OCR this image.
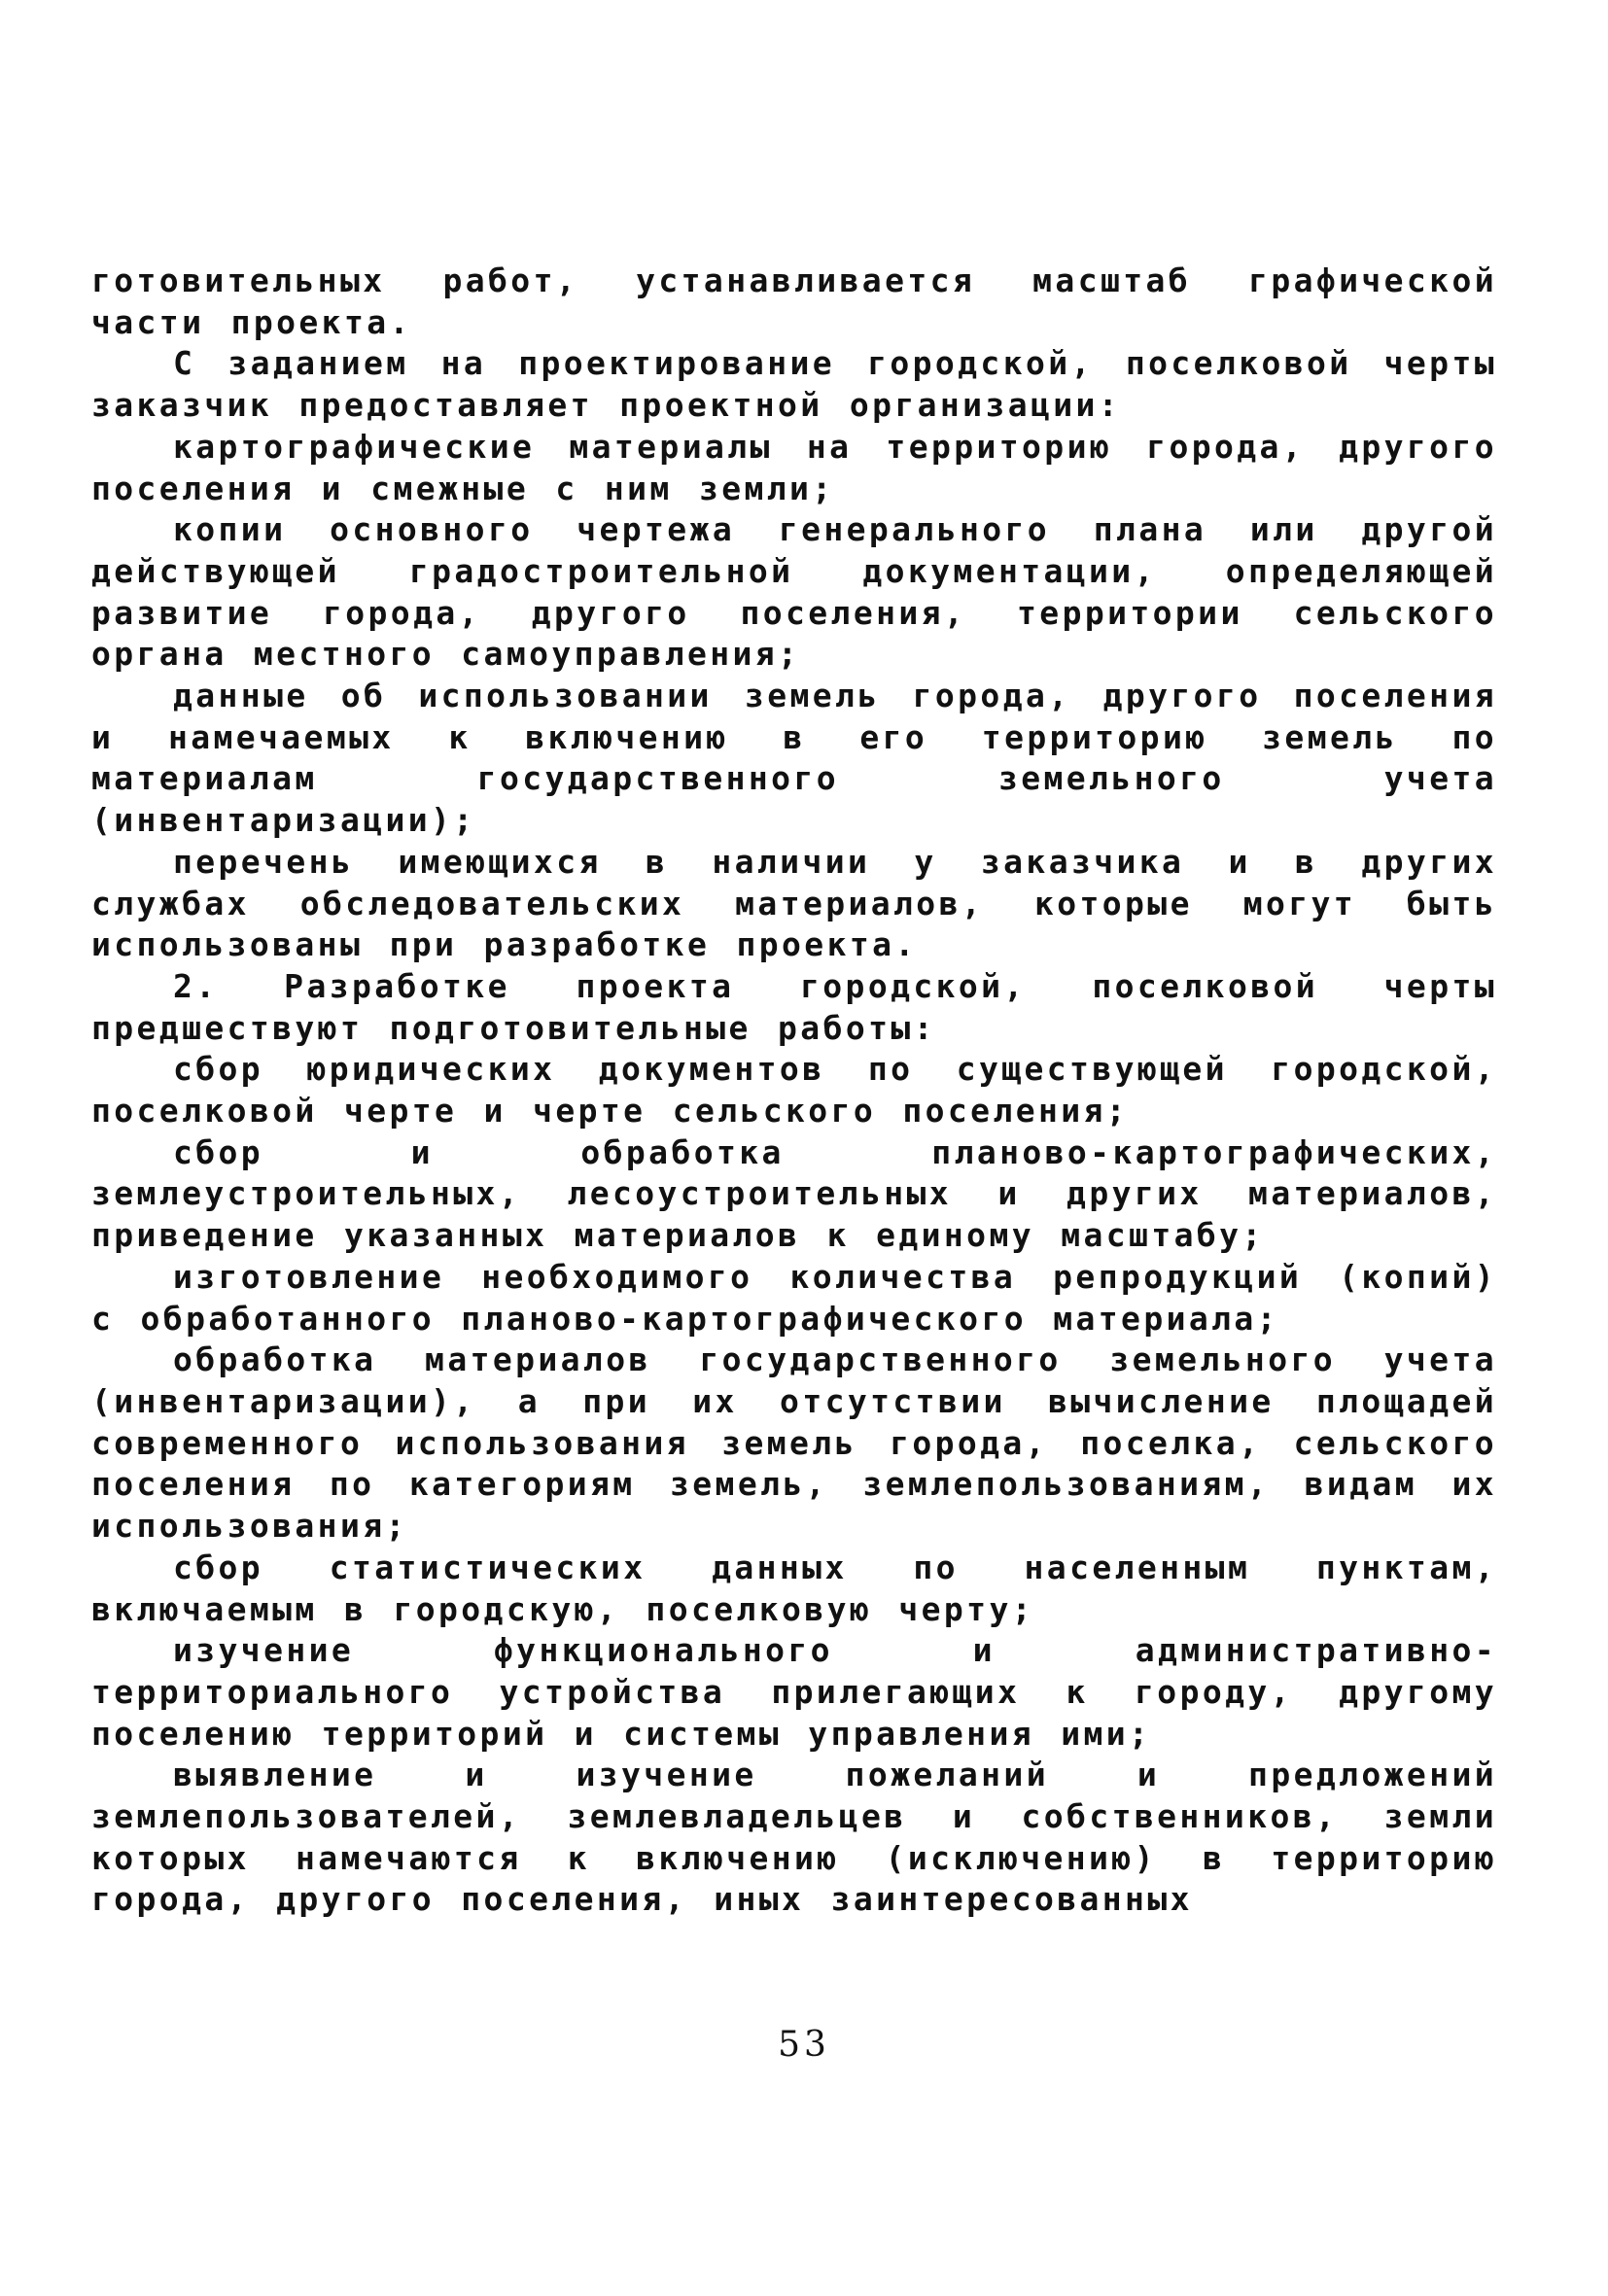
готовительных работ, устанавливается масштаб графической части проекта.

С заданием на проектирование городской, поселковой черты заказчик предоставляет проектной организации:

картографические материалы на территорию города, другого поселения и смежные с ним земли;

копии основного чертежа генерального плана или другой действующей градостроительной документации, определяющей развитие города, другого поселения, территории сельского органа местного самоуправления;

данные об использовании земель города, другого поселения и намечаемых к включению в его территорию земель по материалам государственного земельного учета (инвентаризации);

перечень имеющихся в наличии у заказчика и в других службах обследовательских материалов, которые могут быть использованы при разработке проекта.

2. Разработке проекта городской, поселковой черты предшествуют подготовительные работы:

сбор юридических документов по существующей городской, поселковой черте и черте сельского поселения;

сбор и обработка планово-картографических, землеустроительных, лесоустроительных и других материалов, приведение указанных материалов к единому масштабу;

изготовление необходимого количества репродукций (копий) с обработанного планово-картографического материала;

обработка материалов государственного земельного учета (инвентаризации), а при их отсутствии вычисление площадей современного использования земель города, поселка, сельского поселения по категориям земель, землепользованиям, видам их использования;

сбор статистических данных по населенным пунктам, включаемым в городскую, поселковую черту;

изучение функционального и административно-территориального устройства прилегающих к городу, другому поселению территорий и системы управления ими;

выявление и изучение пожеланий и предложений землепользователей, землевладельцев и собственников, земли которых намечаются к включению (исключению) в территорию города, другого поселения, иных заинтересованных

53
